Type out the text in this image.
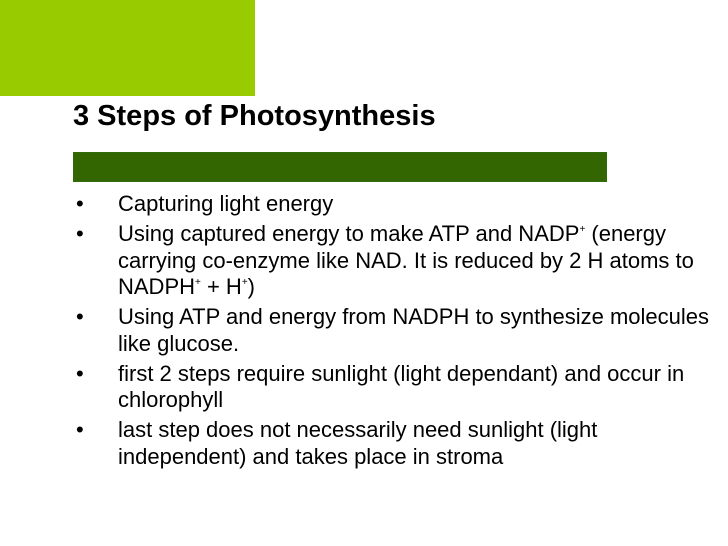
3 Steps of Photosynthesis
• Capturing light energy
• Using captured energy to make ATP and NADP+ (energy carrying co-enzyme like NAD. It is reduced by 2 H atoms to NADPH+ + H+)
• Using ATP and energy from NADPH to synthesize molecules like glucose.
• first 2 steps require sunlight (light dependant) and occur in chlorophyll
• last step does not necessarily need sunlight (light independent) and takes place in stroma
